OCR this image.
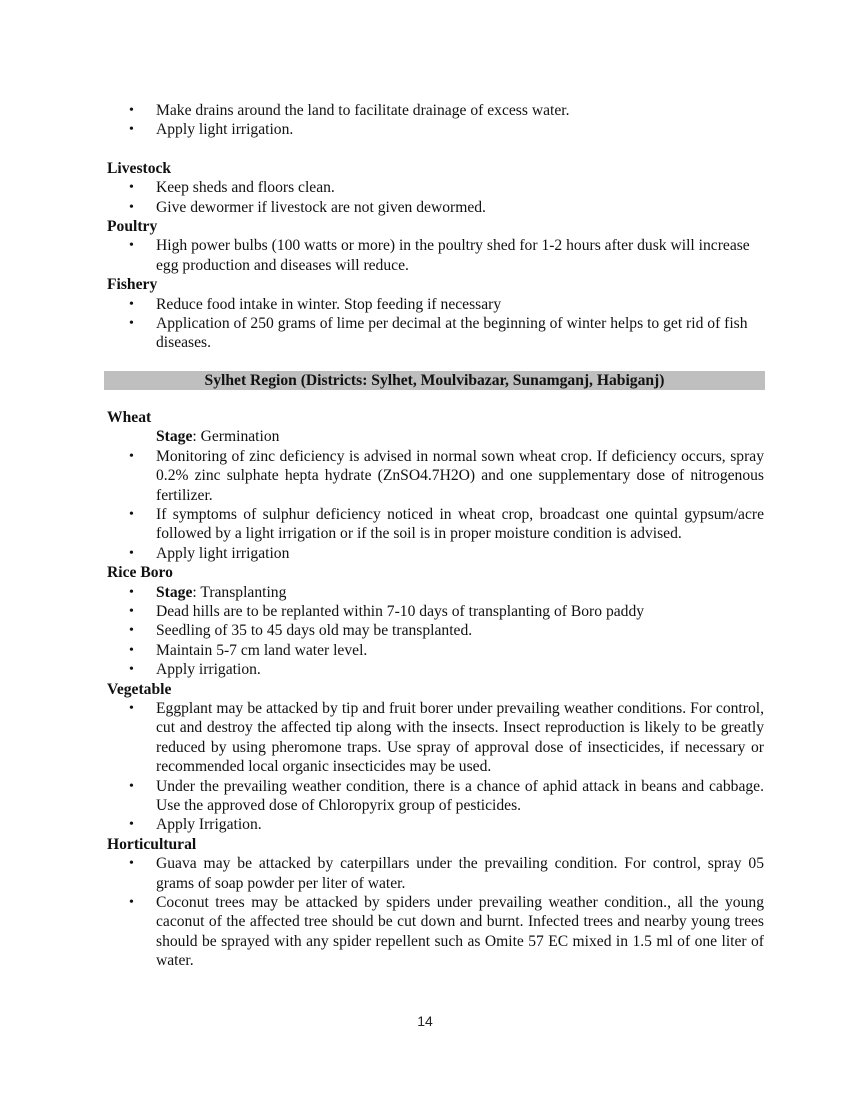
• Make drains around the land to facilitate drainage of excess water.
• Apply light irrigation.
Livestock
• Keep sheds and floors clean.
• Give dewormer if livestock are not given dewormed.
Poultry
• High power bulbs (100 watts or more) in the poultry shed for 1-2 hours after dusk will increase egg production and diseases will reduce.
Fishery
• Reduce food intake in winter. Stop feeding if necessary
• Application of 250 grams of lime per decimal at the beginning of winter helps to get rid of fish diseases.
Sylhet Region (Districts: Sylhet, Moulvibazar, Sunamganj, Habiganj)
Wheat
Stage: Germination
• Monitoring of zinc deficiency is advised in normal sown wheat crop. If deficiency occurs, spray 0.2% zinc sulphate hepta hydrate (ZnSO4.7H2O) and one supplementary dose of nitrogenous fertilizer.
• If symptoms of sulphur deficiency noticed in wheat crop, broadcast one quintal gypsum/acre followed by a light irrigation or if the soil is in proper moisture condition is advised.
• Apply light irrigation
Rice Boro
• Stage: Transplanting
• Dead hills are to be replanted within 7-10 days of transplanting of Boro paddy
• Seedling of 35 to 45 days old may be transplanted.
• Maintain 5-7 cm land water level.
• Apply irrigation.
Vegetable
• Eggplant may be attacked by tip and fruit borer under prevailing weather conditions. For control, cut and destroy the affected tip along with the insects. Insect reproduction is likely to be greatly reduced by using pheromone traps. Use spray of approval dose of insecticides, if necessary or recommended local organic insecticides may be used.
• Under the prevailing weather condition, there is a chance of aphid attack in beans and cabbage. Use the approved dose of Chloropyrix group of pesticides.
• Apply Irrigation.
Horticultural
• Guava may be attacked by caterpillars under the prevailing condition. For control, spray 05 grams of soap powder per liter of water.
• Coconut trees may be attacked by spiders under prevailing weather condition., all the young caconut of the affected tree should be cut down and burnt. Infected trees and nearby young trees should be sprayed with any spider repellent such as Omite 57 EC mixed in 1.5 ml of one liter of water.
14
